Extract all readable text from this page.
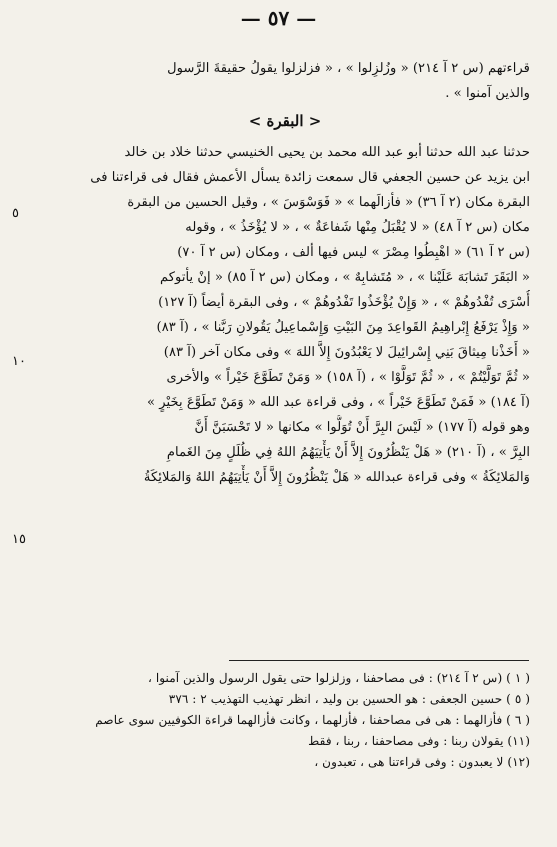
— ٥٧ —
قراءتهم (س ٢ آ ٢١٤) « وزُلزِلوا » ، « فزلزلوا يقولُ حقيقةَ الرَّسول
والذين آمنوا » .
< البقرة >
حدثنا عبد الله حدثنا أبو عبد الله محمد بن يحيى الخنيسي حدثنا خلاد بن خالد
ابن يزيد عن حسين الجعفي قال سمعت زائدة يسأل الأعمش فقال فى قراءتنا فى
البقرة مكان (٢ آ ٣٦) « فأزالَهما » « فَوَسْوَسَ » ، وقيل الحسين من البقرة
مكان (س ٢ آ ٤٨) « لا يُقْبَلُ مِنْها شَفاعَةٌ » ، « لا يُؤْخَذُ » ، وقوله
(س ٢ آ ٦١) « اهْبِطُوا مِصْرَ » ليس فيها ألف ، ومكان (س ٢ آ ٧٠)
« البَقَرَ تَشابَهَ عَلَيْنا » ، « مُتَشابِهٌ » ، ومكان (س ٢ آ ٨٥) « إنْ يأتوكم
أُسْرَى تُفْدُوهُمْ » ، « وَإِنْ يُؤْخَذُوا تَفْدُوهُمْ » ، وفى البقرة أيضاً (آ ١٢٧)
« وَإِذْ يَرْفَعُ إِبْراهِيمُ القَواعِدَ مِنَ البَيْتِ وَإِسْماعِيلُ يَقُولانِ رَبَّنا » ، (آ ٨٣)
« أَخَذْنا مِيثاقَ بَنِي إِسْرائِيلَ لا يَعْبُدُونَ إِلاَّ اللهَ » وفى مكان آخر (آ ٨٣)
« ثُمَّ تَوَلَّيْتُمْ » ، « ثُمَّ تَوَلَّوْا » ، (آ ١٥٨) « وَمَنْ تَطَوَّعَ خَيْراً » والأخرى
(آ ١٨٤) « فَمَنْ تَطَوَّعَ خَيْراً » ، وفى قراءة عبد الله « وَمَنْ تَطَوَّعَ بِخَيْرٍ »
وهو قوله (آ ١٧٧) « لَيْسَ البِرَّ أَنْ تُوَلُّوا » مكانها « لا تَحْسَبَنَّ أَنَّ
البِرَّ » ، (آ ٢١٠) « هَلْ يَنْظُرُونَ إِلاَّ أَنْ يَأْتِيَهُمُ اللهُ فِي ظُلَلٍ مِنَ الغَمامِ
وَالمَلائِكَةُ » وفى قراءة عبدالله « هَلْ يَنْظُرُونَ إِلاَّ أَنْ يَأْتِيَهُمُ اللهُ وَالمَلائِكَةُ
٥
١٠
١٥
( ١ ) (س ٢ آ ٢١٤) : فى مصاحفنا ، وزلزلوا حتى يقول الرسول والذين آمنوا ،
( ٥ ) حسين الجعفى : هو الحسين بن وليد ، انظر تهذيب التهذيب ٢ : ٣٧٦
( ٦ ) فأزالهما : هى فى مصاحفنا ، فأزلهما ، وكانت فأزالهما قراءة الكوفيين سوى عاصم
(١١) يقولان ربنا : وفى مصاحفنا ، ربنا ، فقط
(١٢) لا يعبدون : وفى قراءتنا هى ، تعبدون ،
